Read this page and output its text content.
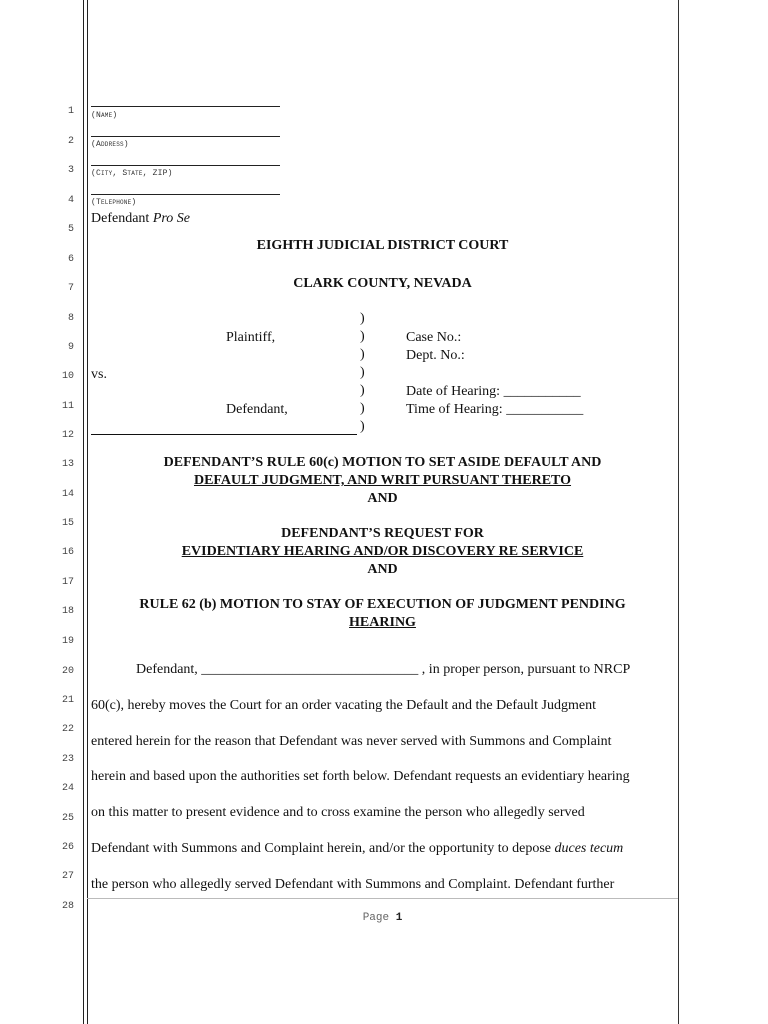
1
2
3
4
5
6
7
8
9
10
11
12
13
14
15
16
17
18
19
20
21
22
23
24
25
26
27
28
(Name)
(Address)
(City, State, ZIP)
(Telephone)
Defendant Pro Se
EIGHTH JUDICIAL DISTRICT COURT
CLARK COUNTY, NEVADA
Plaintiff,
vs.
Defendant,
)
)
)
)
)
)
)
Case No.:
Dept. No.:
Date of Hearing: ___________
Time of Hearing: ___________
DEFENDANT’S RULE 60(c) MOTION TO SET ASIDE DEFAULT AND
DEFAULT JUDGMENT, AND WRIT PURSUANT THERETO
AND
DEFENDANT’S REQUEST FOR
EVIDENTIARY HEARING AND/OR DISCOVERY RE SERVICE
AND
RULE 62 (b) MOTION TO STAY OF EXECUTION OF JUDGMENT PENDING
HEARING
Defendant, _______________________________ , in proper person, pursuant to NRCP
60(c), hereby moves the Court for an order vacating the Default and the Default Judgment
entered herein for the reason that Defendant was never served with Summons and Complaint
herein and based upon the authorities set forth below. Defendant requests an evidentiary hearing
on this matter to present evidence and to cross examine the person who allegedly served
Defendant with Summons and Complaint herein, and/or the opportunity to depose duces tecum
the person who allegedly served Defendant with Summons and Complaint. Defendant further
Page 1
